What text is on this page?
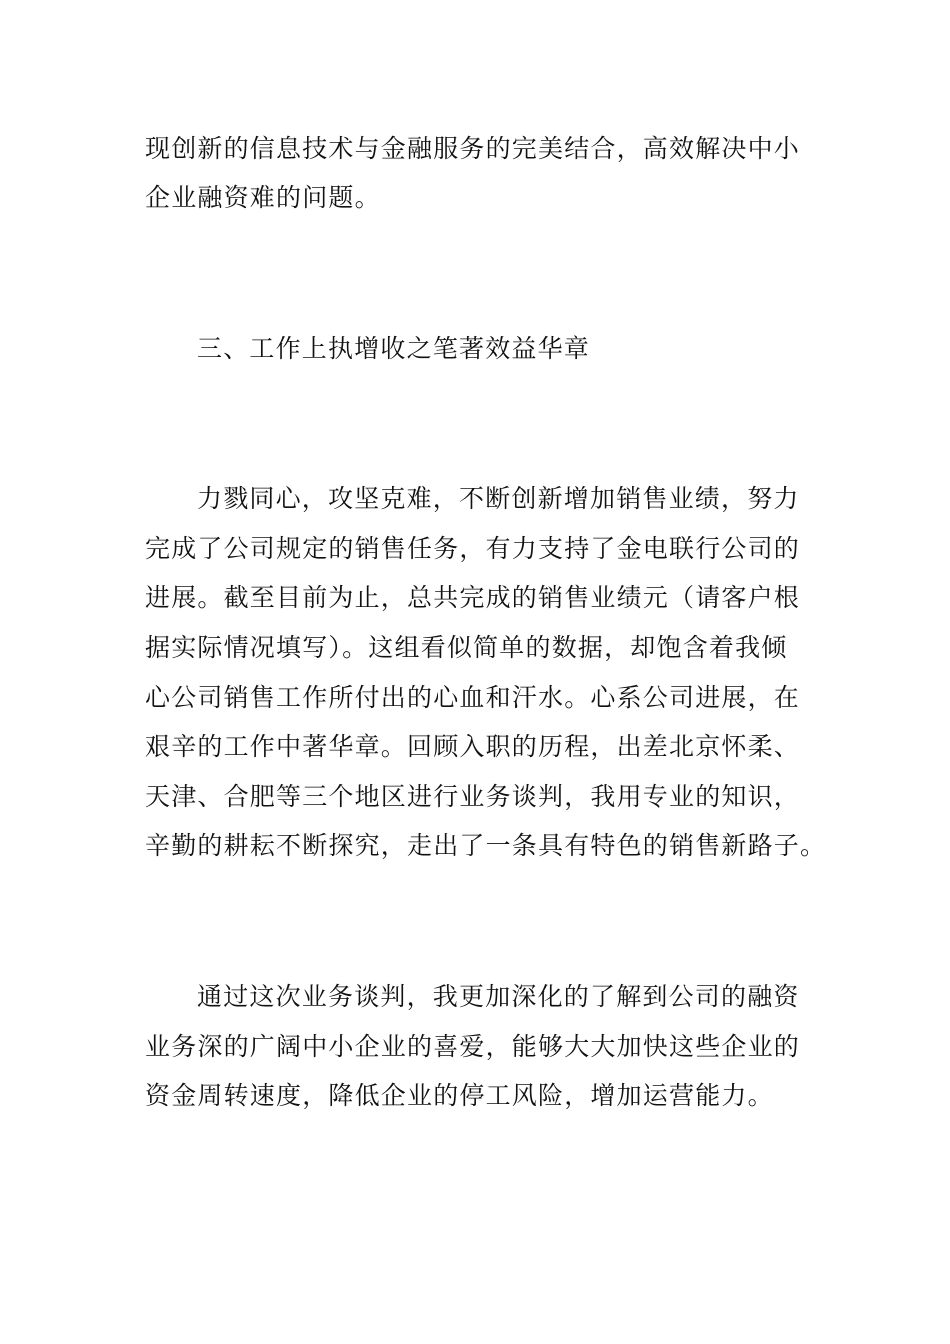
现创新的信息技术与金融服务的完美结合，高效解决中小
企业融资难的问题。
三、工作上执增收之笔著效益华章
力戮同心，攻坚克难，不断创新增加销售业绩，努力
完成了公司规定的销售任务，有力支持了金电联行公司的
进展。截至目前为止，总共完成的销售业绩元（请客户根
据实际情况填写）。这组看似简单的数据，却饱含着我倾
心公司销售工作所付出的心血和汗水。心系公司进展，在
艰辛的工作中著华章。回顾入职的历程，出差北京怀柔、
天津、合肥等三个地区进行业务谈判，我用专业的知识，
辛勤的耕耘不断探究，走出了一条具有特色的销售新路子。
通过这次业务谈判，我更加深化的了解到公司的融资
业务深的广阔中小企业的喜爱，能够大大加快这些企业的
资金周转速度，降低企业的停工风险，增加运营能力。
